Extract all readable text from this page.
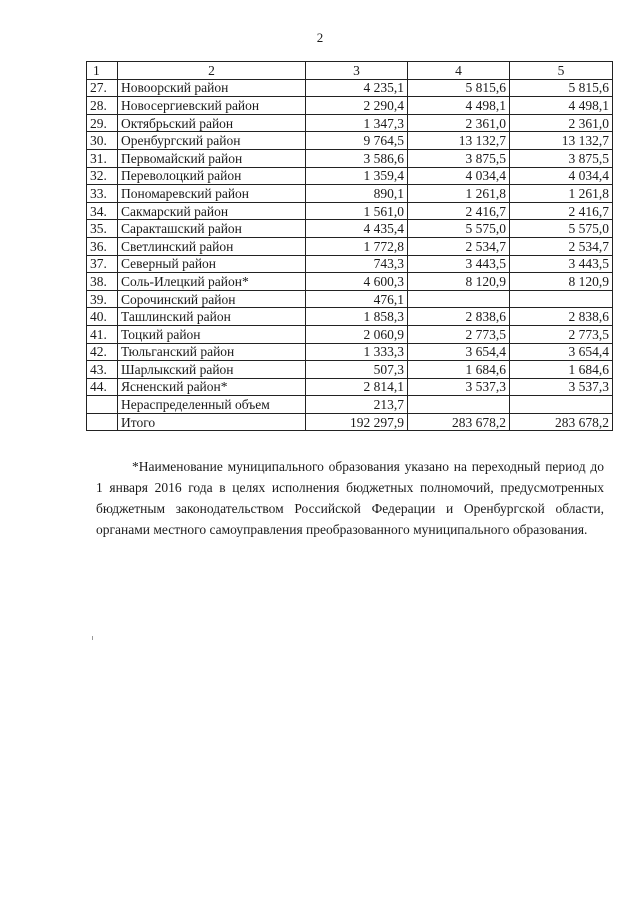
2
1	2	3	4	5
27.	Новоорский район	4 235,1	5 815,6	5 815,6
28.	Новосергиевский район	2 290,4	4 498,1	4 498,1
29.	Октябрьский район	1 347,3	2 361,0	2 361,0
30.	Оренбургский район	9 764,5	13 132,7	13 132,7
31.	Первомайский район	3 586,6	3 875,5	3 875,5
32.	Переволоцкий район	1 359,4	4 034,4	4 034,4
33.	Пономаревский район	890,1	1 261,8	1 261,8
34.	Сакмарский район	1 561,0	2 416,7	2 416,7
35.	Саракташский район	4 435,4	5 575,0	5 575,0
36.	Светлинский район	1 772,8	2 534,7	2 534,7
37.	Северный район	743,3	3 443,5	3 443,5
38.	Соль-Илецкий район*	4 600,3	8 120,9	8 120,9
39.	Сорочинский район	476,1		
40.	Ташлинский район	1 858,3	2 838,6	2 838,6
41.	Тоцкий район	2 060,9	2 773,5	2 773,5
42.	Тюльганский район	1 333,3	3 654,4	3 654,4
43.	Шарлыкский район	507,3	1 684,6	1 684,6
44.	Ясненский район*	2 814,1	3 537,3	3 537,3
	Нераспределенный объем	213,7		
	Итого	192 297,9	283 678,2	283 678,2
*Наименование муниципального образования указано на переходный период до 1 января 2016 года в целях исполнения бюджетных полномочий, предусмотренных бюджетным законодательством Российской Федерации и Оренбургской области, органами местного самоуправления преобразованного муниципального образования.
